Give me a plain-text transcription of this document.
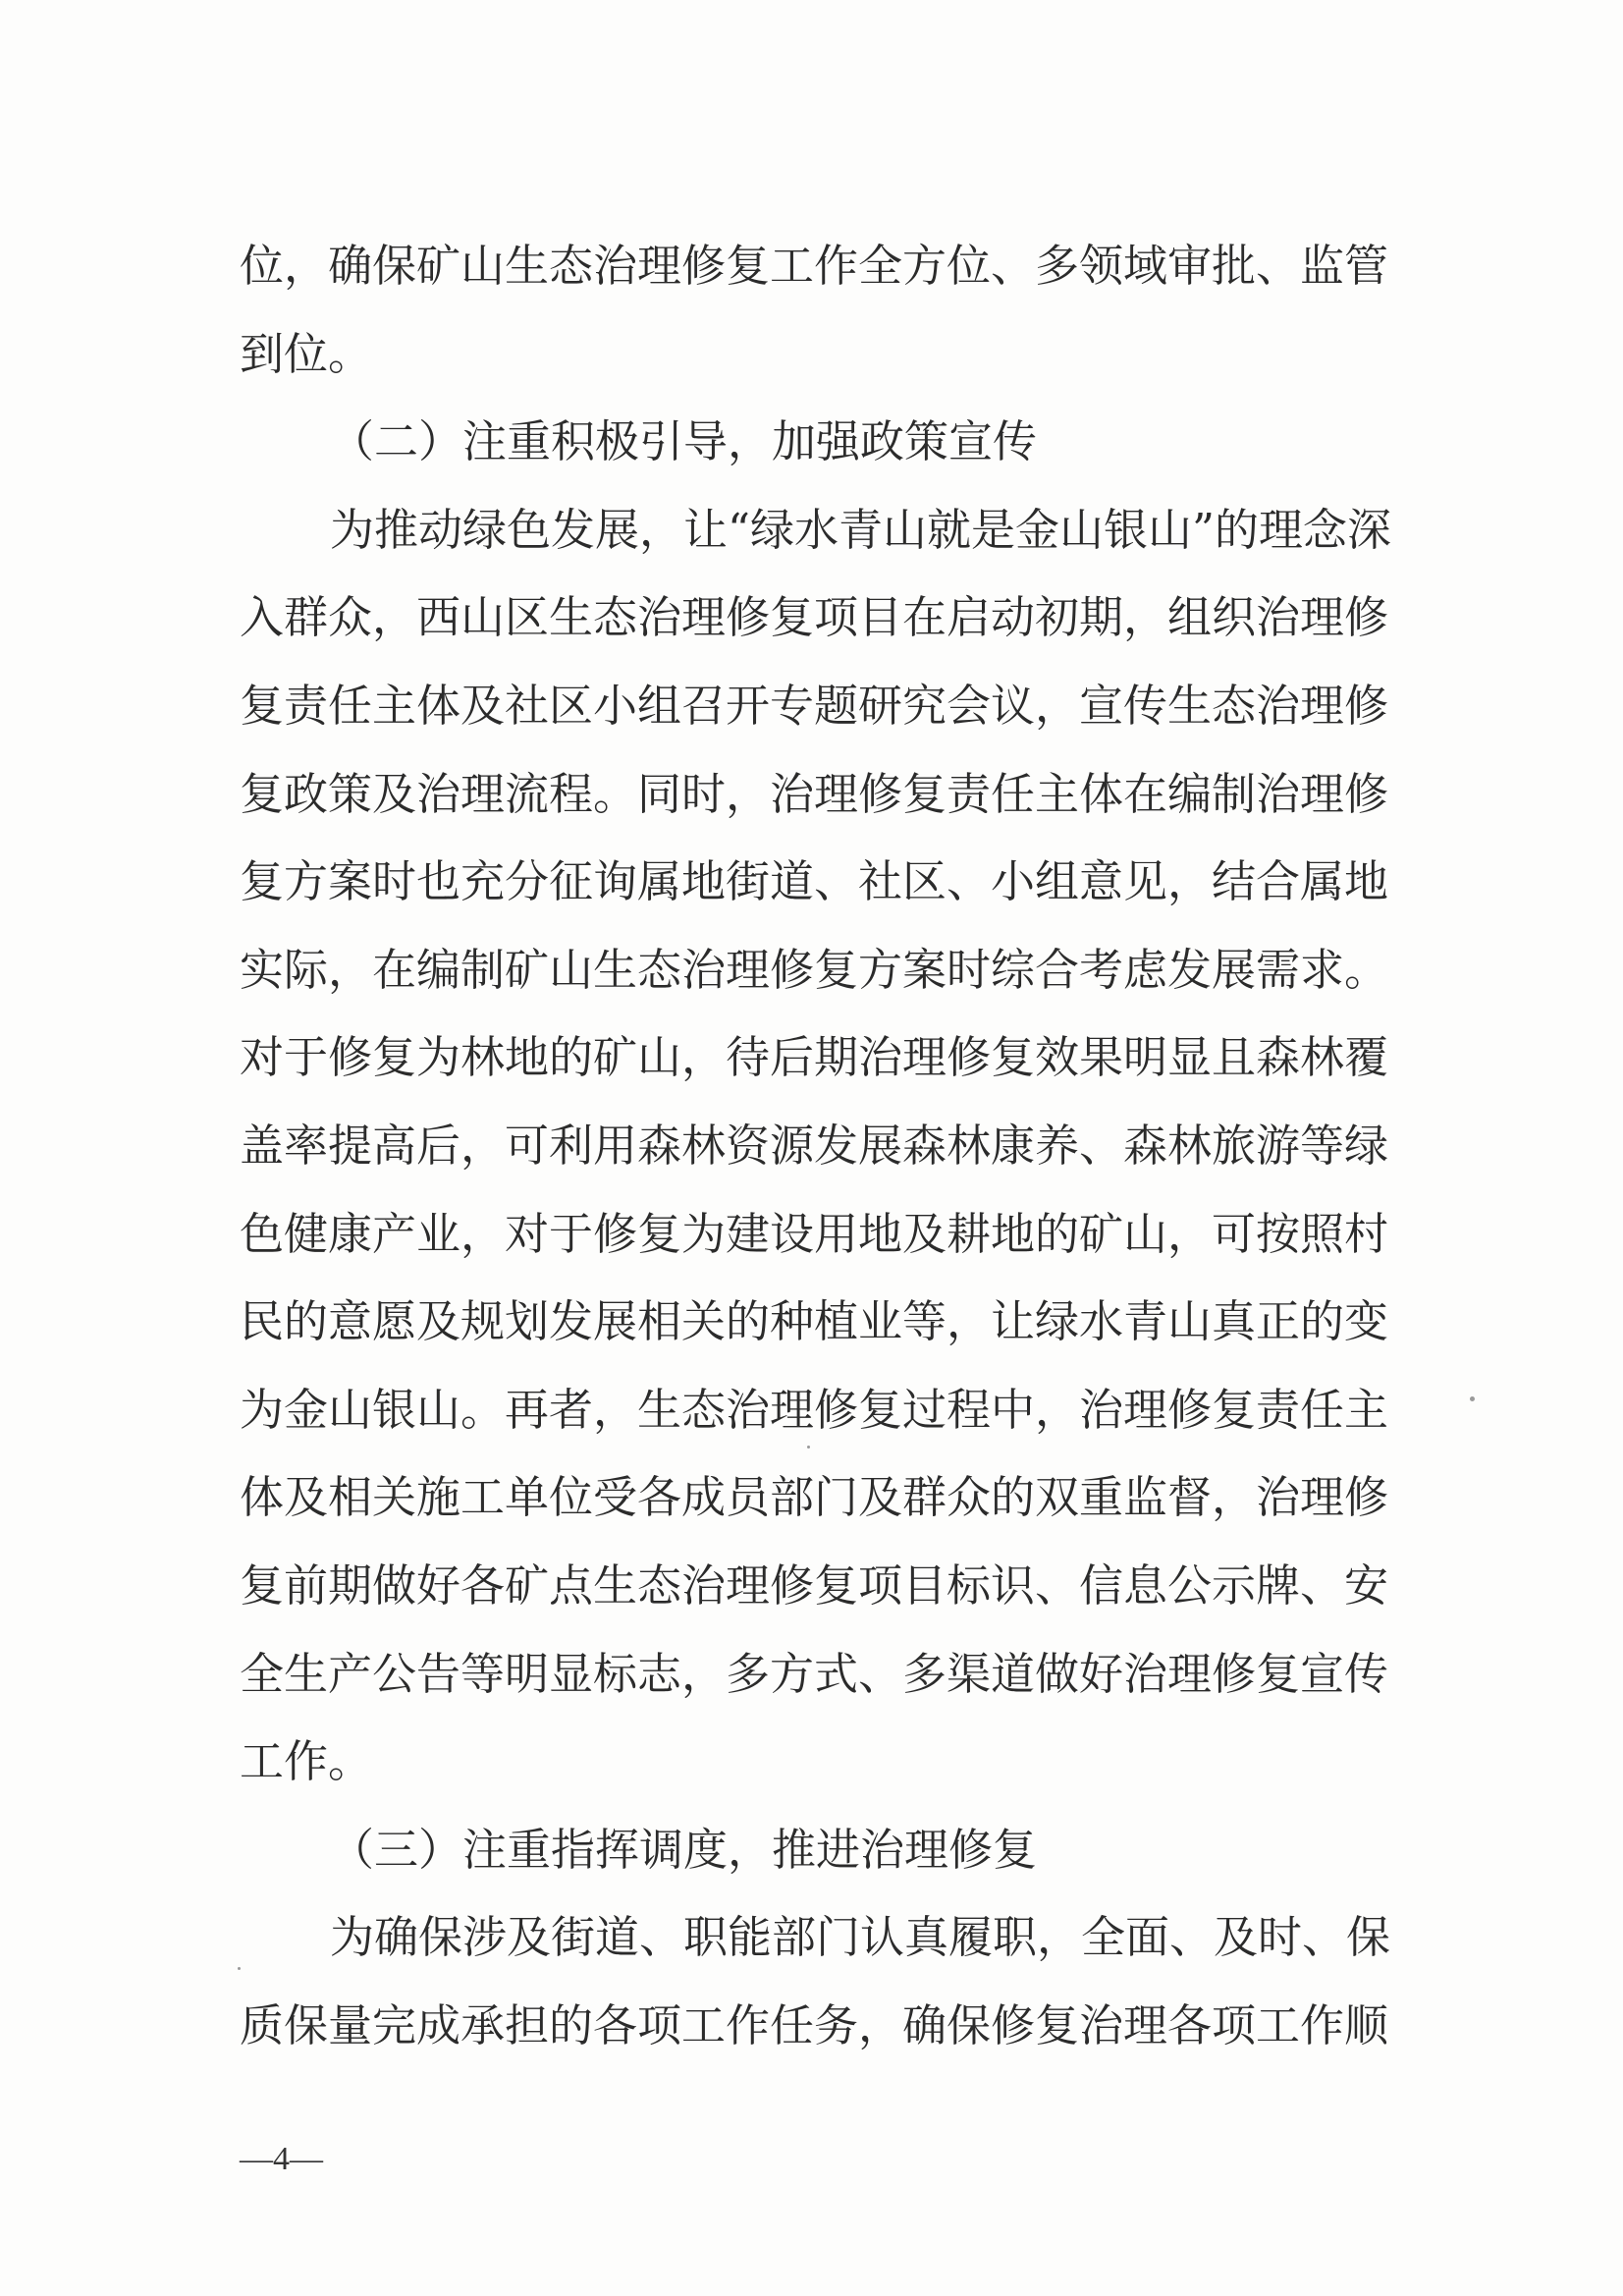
位，确保矿山生态治理修复工作全方位、多领域审批、监管
到位。
（二）注重积极引导，加强政策宣传
为推动绿色发展，让“绿水青山就是金山银山”的理念深
入群众，西山区生态治理修复项目在启动初期，组织治理修
复责任主体及社区小组召开专题研究会议，宣传生态治理修
复政策及治理流程。同时，治理修复责任主体在编制治理修
复方案时也充分征询属地街道、社区、小组意见，结合属地
实际，在编制矿山生态治理修复方案时综合考虑发展需求。
对于修复为林地的矿山，待后期治理修复效果明显且森林覆
盖率提高后，可利用森林资源发展森林康养、森林旅游等绿
色健康产业，对于修复为建设用地及耕地的矿山，可按照村
民的意愿及规划发展相关的种植业等，让绿水青山真正的变
为金山银山。再者，生态治理修复过程中，治理修复责任主
体及相关施工单位受各成员部门及群众的双重监督，治理修
复前期做好各矿点生态治理修复项目标识、信息公示牌、安
全生产公告等明显标志，多方式、多渠道做好治理修复宣传
工作。
（三）注重指挥调度，推进治理修复
为确保涉及街道、职能部门认真履职，全面、及时、保
质保量完成承担的各项工作任务，确保修复治理各项工作顺
—4—
